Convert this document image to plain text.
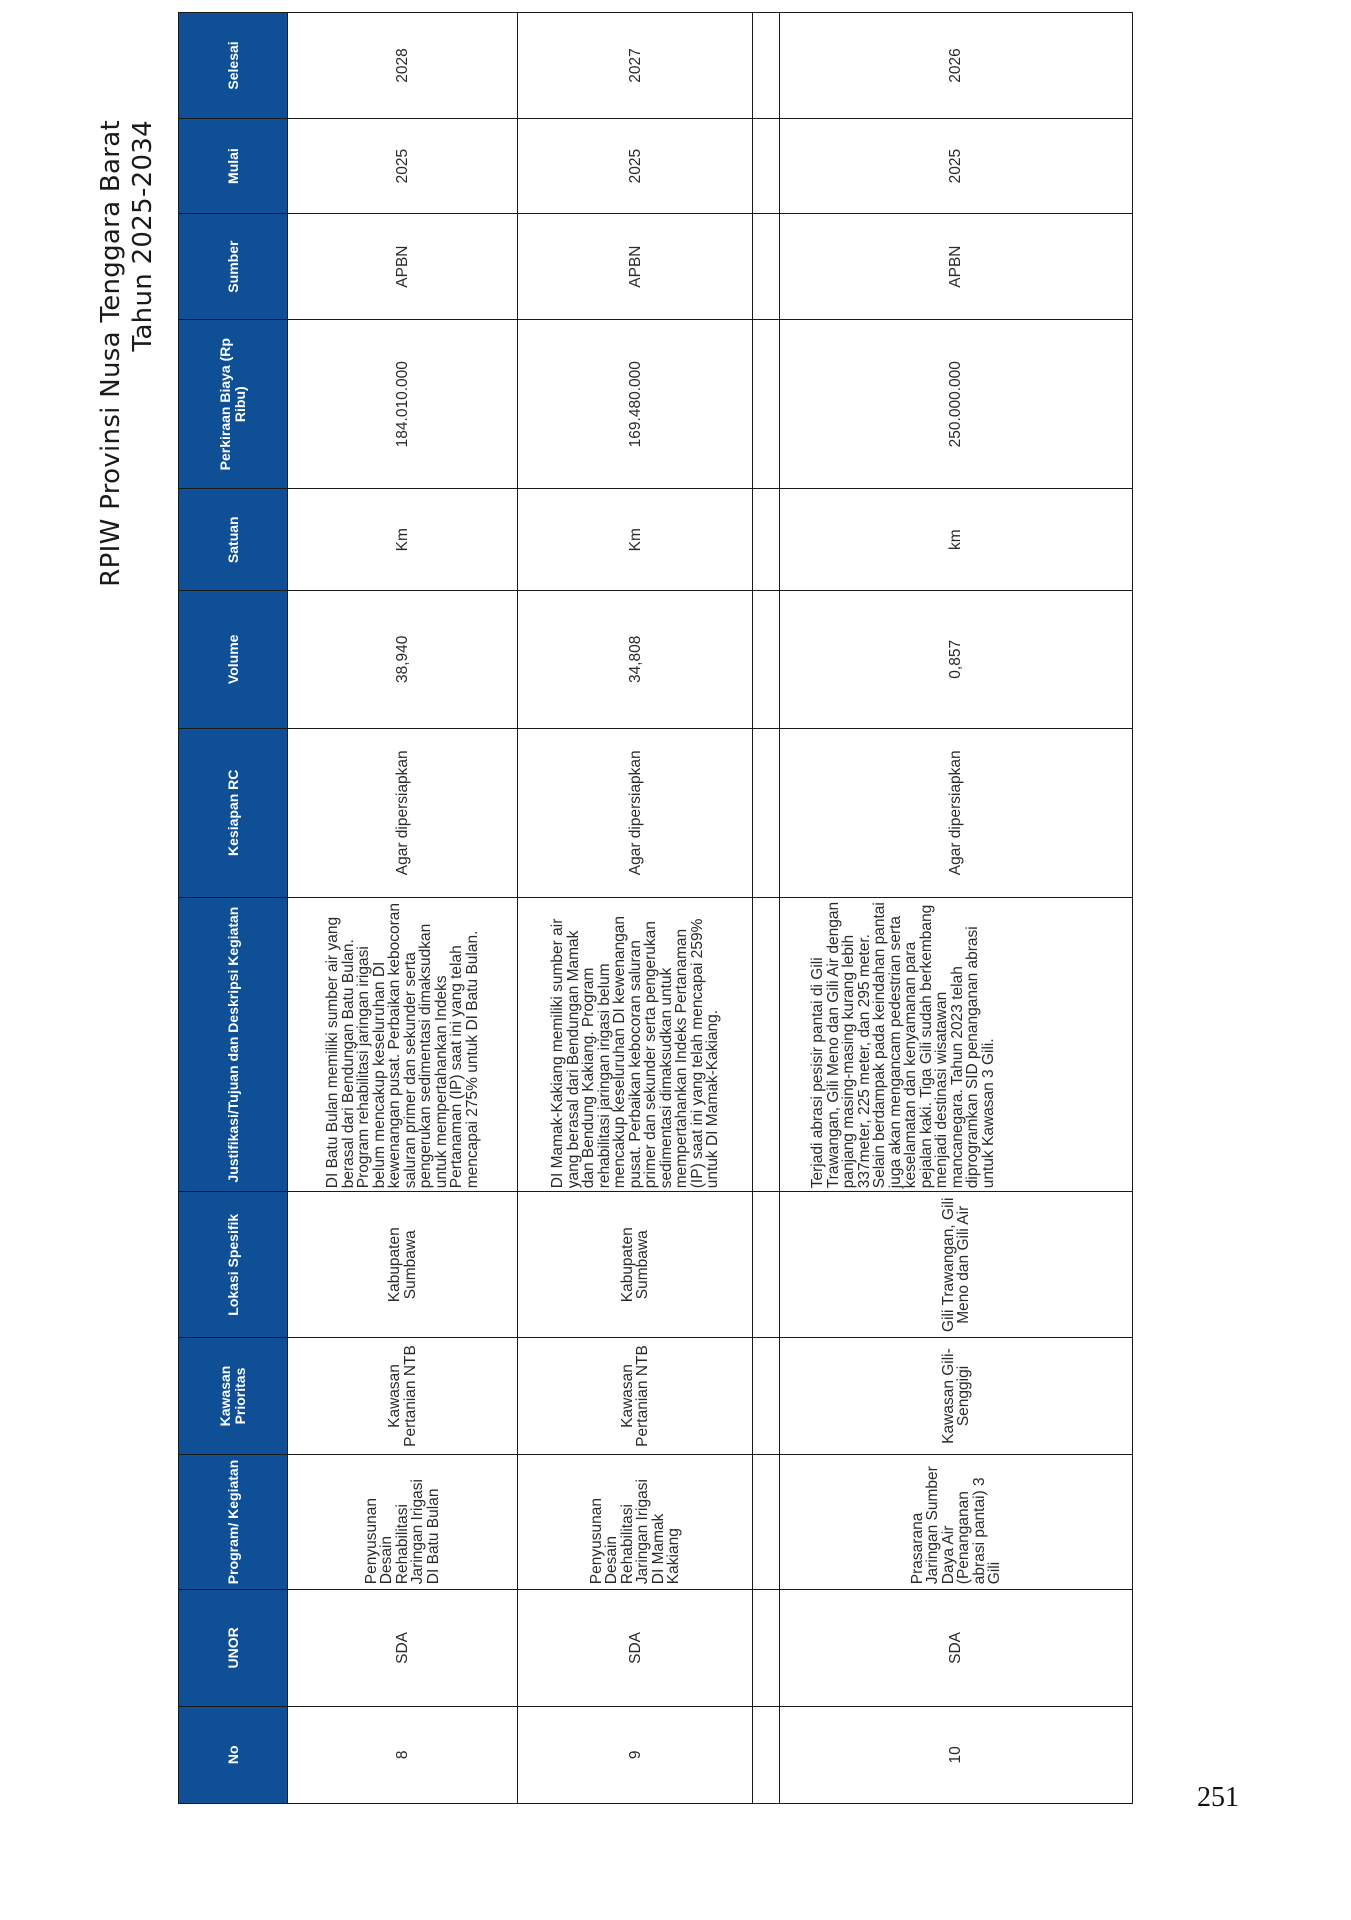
RPIW Provinsi Nusa Tenggara Barat Tahun 2025-2034
No	UNOR	Program/ Kegiatan	Kawasan Prioritas	Lokasi Spesifik	Justifikasi/Tujuan dan Deskripsi Kegiatan	Kesiapan RC	Volume	Satuan	Perkiraan Biaya (Rp Ribu)	Sumber	Mulai	Selesai
8	SDA	Penyusunan Desain Rehabilitasi Jaringan Irigasi DI Batu Bulan	Kawasan Pertanian NTB	Kabupaten Sumbawa	DI Batu Bulan memiliki sumber air yang berasal dari Bendungan Batu Bulan. Program rehabilitasi jaringan irigasi belum mencakup keseluruhan DI kewenangan pusat. Perbaikan kebocoran saluran primer dan sekunder serta pengerukan sedimentasi dimaksudkan untuk mempertahankan Indeks Pertanaman (IP) saat ini yang telah mencapai 275% untuk DI Batu Bulan.	Agar dipersiapkan	38,940	Km	184.010.000	APBN	2025	2028
9	SDA	Penyusunan Desain Rehabilitasi Jaringan Irigasi DI Mamak Kakiang	Kawasan Pertanian NTB	Kabupaten Sumbawa	DI Mamak-Kakiang memiliki sumber air yang berasal dari Bendungan Mamak dan Bendung Kakiang. Program rehabilitasi jaringan irigasi belum mencakup keseluruhan DI kewenangan pusat. Perbaikan kebocoran saluran primer dan sekunder serta pengerukan sedimentasi dimaksudkan untuk mempertahankan Indeks Pertanaman (IP) saat ini yang telah mencapai 259% untuk DI Mamak-Kakiang.	Agar dipersiapkan	34,808	Km	169.480.000	APBN	2025	2027

10	SDA	Prasarana Jaringan Sumber Daya Air (Penanganan abrasi pantai) 3 Gili	Kawasan Gili-Senggigi	Gili Trawangan, Gili Meno dan Gili Air	Terjadi abrasi pesisir pantai di Gili Trawangan, Gili Meno dan Gili Air dengan panjang masing-masing kurang lebih 337meter, 225 meter, dan 295 meter. Selain berdampak pada keindahan pantai juga akan mengancam pedestrian serta keselamatan dan kenyamanan para pejalan kaki. Tiga Gili sudah berkembang menjadi destinasi wisatawan mancanegara. Tahun 2023 telah diprogramkan SID penanganan abrasi untuk Kawasan 3 Gili.	Agar dipersiapkan	0,857	km	250.000.000	APBN	2025	2026
251
